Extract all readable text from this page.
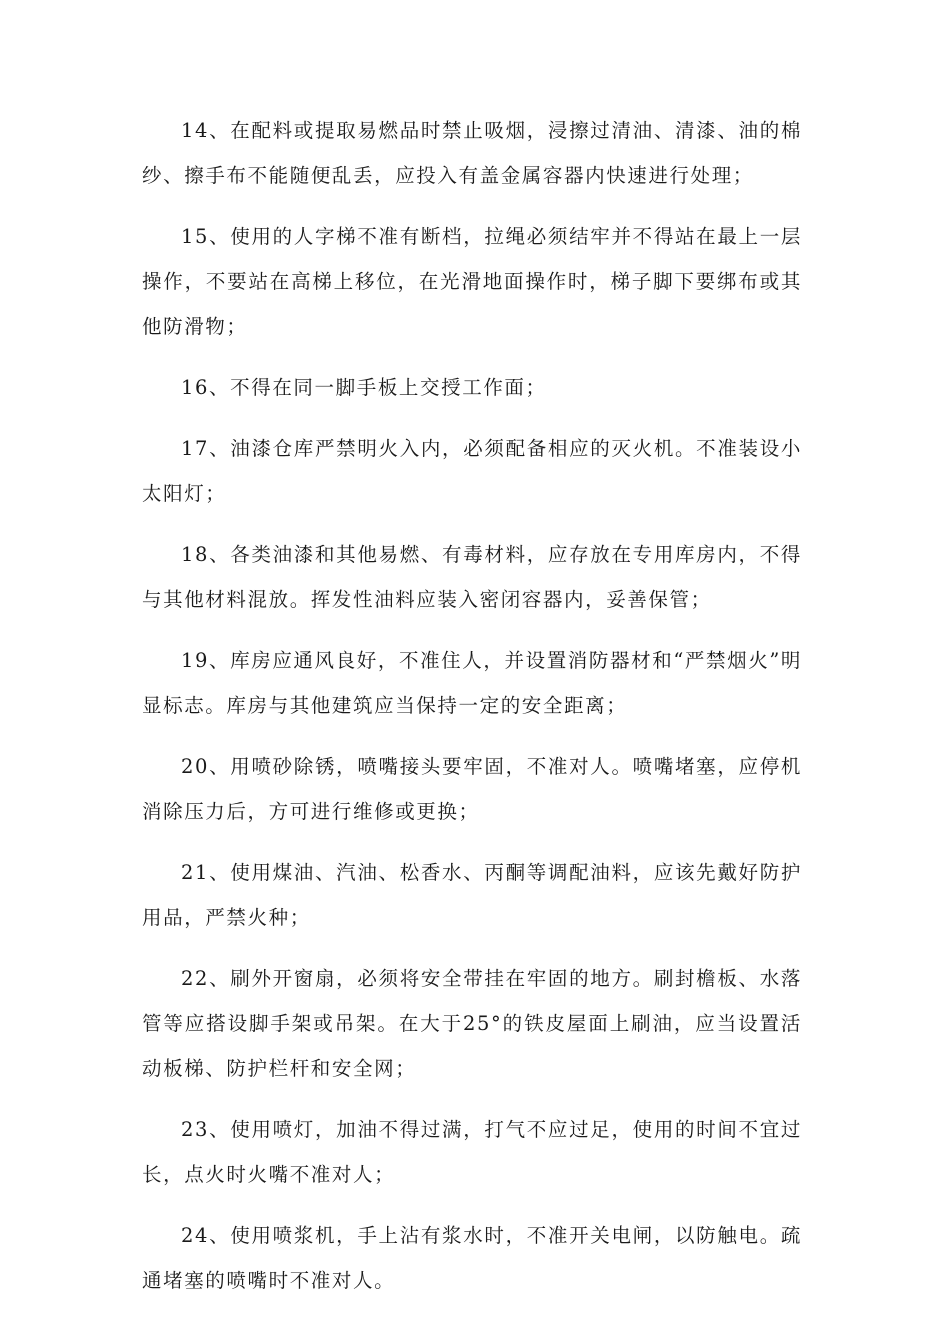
14、在配料或提取易燃品时禁止吸烟，浸擦过清油、清漆、油的棉纱、擦手布不能随便乱丢，应投入有盖金属容器内快速进行处理；

15、使用的人字梯不准有断档，拉绳必须结牢并不得站在最上一层操作，不要站在高梯上移位，在光滑地面操作时，梯子脚下要绑布或其他防滑物；

16、不得在同一脚手板上交授工作面；

17、油漆仓库严禁明火入内，必须配备相应的灭火机。不准装设小太阳灯；

18、各类油漆和其他易燃、有毒材料，应存放在专用库房内，不得与其他材料混放。挥发性油料应装入密闭容器内，妥善保管；

19、库房应通风良好，不准住人，并设置消防器材和“严禁烟火”明显标志。库房与其他建筑应当保持一定的安全距离；

20、用喷砂除锈，喷嘴接头要牢固，不准对人。喷嘴堵塞，应停机消除压力后，方可进行维修或更换；

21、使用煤油、汽油、松香水、丙酮等调配油料，应该先戴好防护用品，严禁火种；

22、刷外开窗扇，必须将安全带挂在牢固的地方。刷封檐板、水落管等应搭设脚手架或吊架。在大于25°的铁皮屋面上刷油，应当设置活动板梯、防护栏杆和安全网；

23、使用喷灯，加油不得过满，打气不应过足，使用的时间不宜过长，点火时火嘴不准对人；

24、使用喷浆机，手上沾有浆水时，不准开关电闸，以防触电。疏通堵塞的喷嘴时不准对人。
